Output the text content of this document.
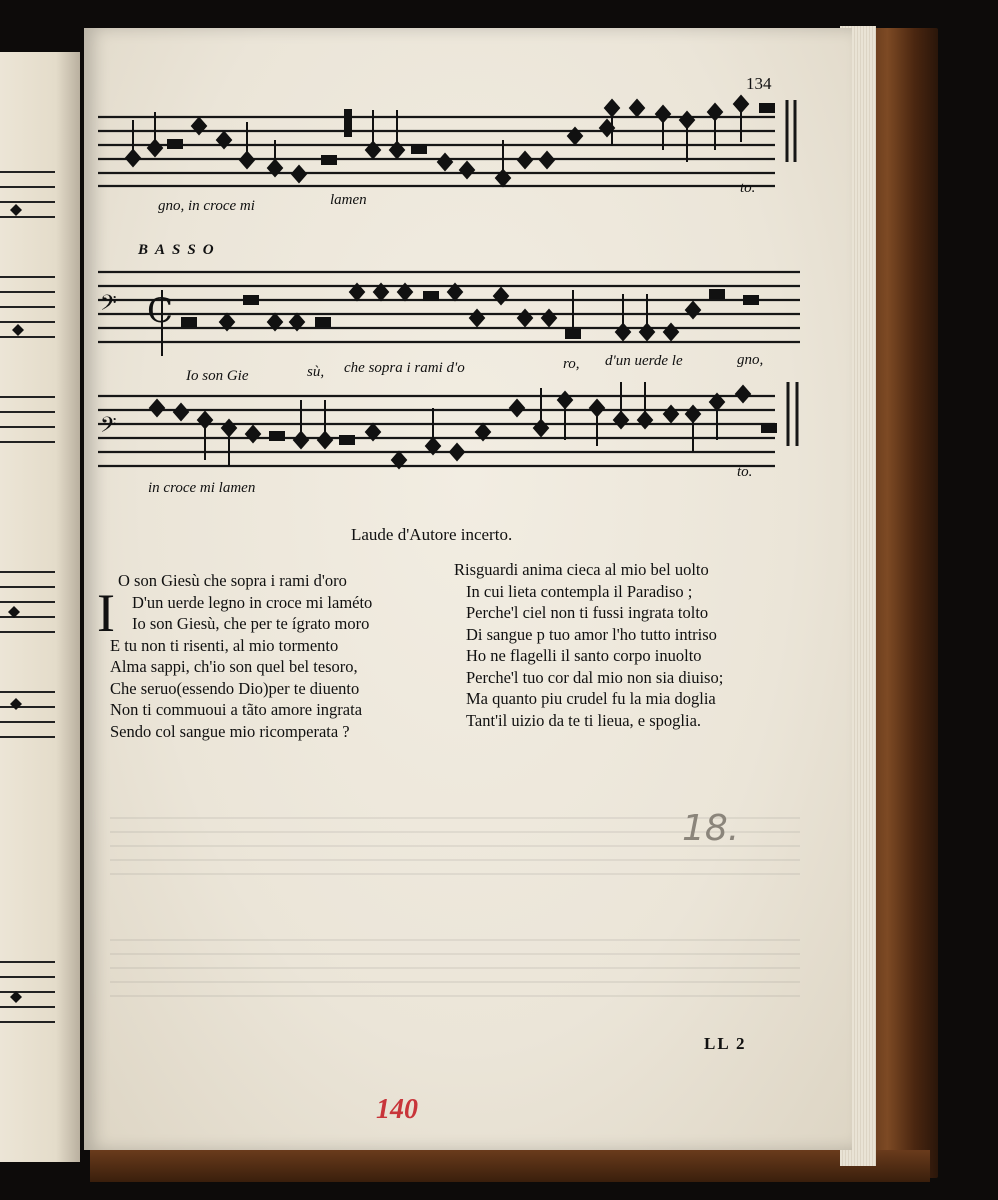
𝄢 C
𝄢
134
gno, in croce mi	lamen
to.
BASSO
Io son Gie	sù, che sopra i rami d'o	ro, d'un uerde le	gno,
in croce mi lamen
to.
Laude d'Autore incerto.
I
O son Giesù che sopra i rami d'oro
D'un uerde legno in croce mi laméto
Io son Giesù, che per te ígrato moro
E tu non ti risenti, al mio tormento
Alma sappi, ch'io son quel bel tesoro,
Che seruo(essendo Dio)per te diuento
Non ti commuoui a tãto amore ingrata
Sendo col sangue mio ricomperata ?
Risguardi anima cieca al mio bel uolto
In cui lieta contempla il Paradiso ;
Perche'l ciel non ti fussi ingrata tolto
Di sangue p tuo amor l'ho tutto intriso
Ho ne flagelli il santo corpo inuolto
Perche'l tuo cor dal mio non sia diuiso;
Ma quanto piu crudel fu la mia doglia
Tant'il uizio da te ti lieua, e spoglia.
18.
LL 2
140
